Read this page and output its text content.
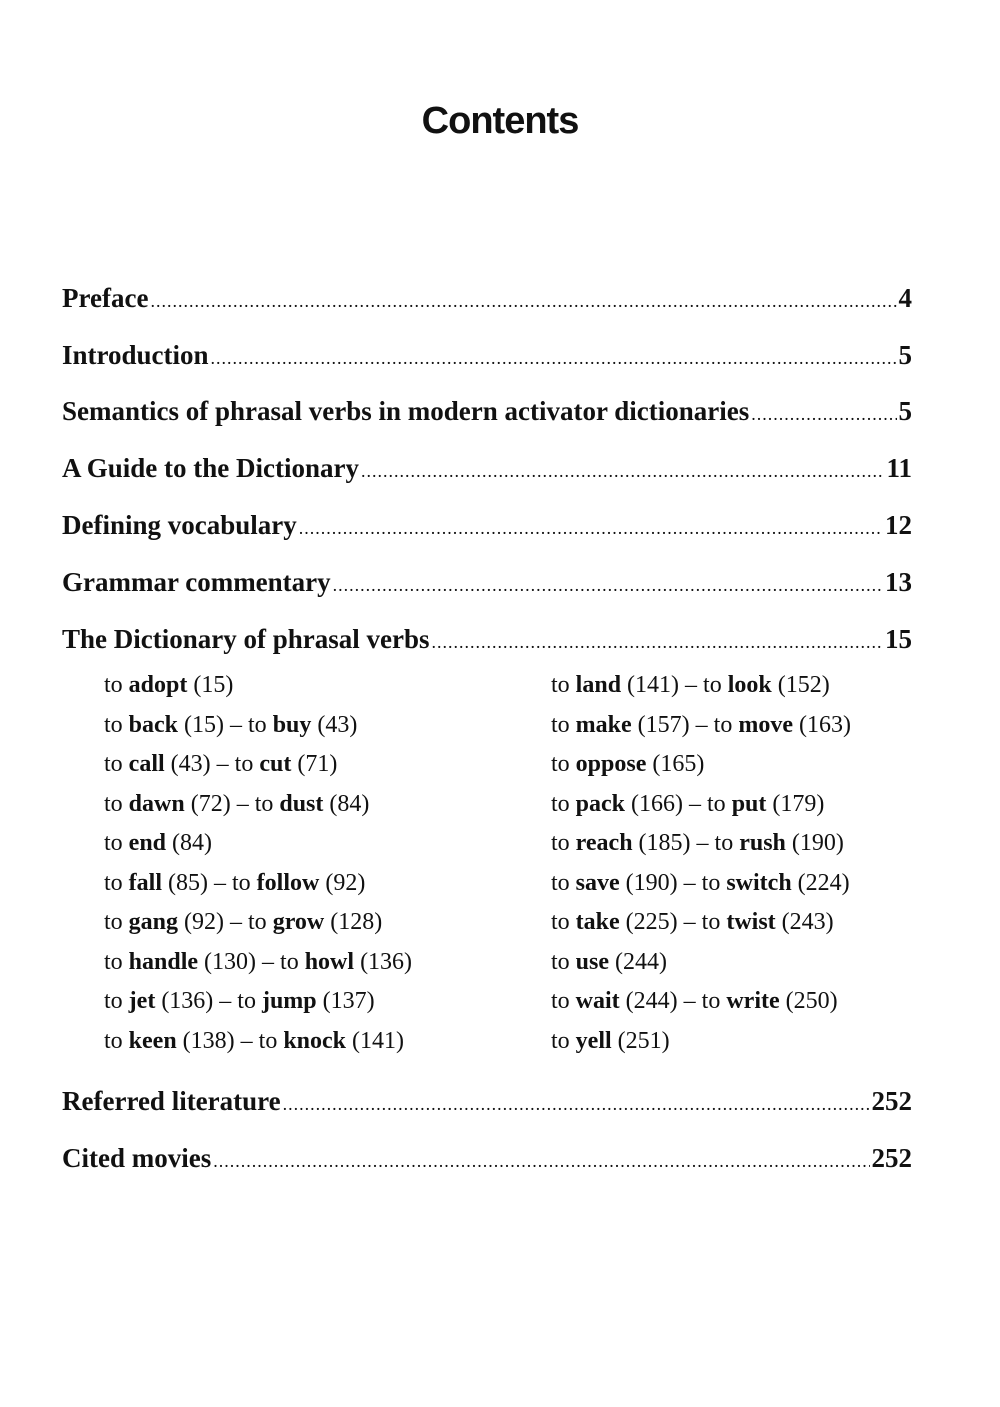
Contents
Preface .....	4
Introduction .....	5
Semantics of phrasal verbs in modern activator dictionaries .....	5
A Guide to the Dictionary .....	11
Defining vocabulary .....	12
Grammar commentary .....	13
The Dictionary of phrasal verbs .....	15
to adopt (15)
to back (15) – to buy (43)
to call (43) – to cut (71)
to dawn (72) – to dust (84)
to end (84)
to fall (85) – to follow (92)
to gang (92) – to grow (128)
to handle (130) – to howl (136)
to jet (136) – to jump (137)
to keen (138) – to knock (141)
to land (141) – to look (152)
to make (157) – to move (163)
to oppose (165)
to pack (166) – to put (179)
to reach (185) – to rush (190)
to save (190) – to switch (224)
to take (225) – to twist (243)
to use (244)
to wait (244) – to write (250)
to yell (251)
Referred literature .....	252
Cited movies .....	252
